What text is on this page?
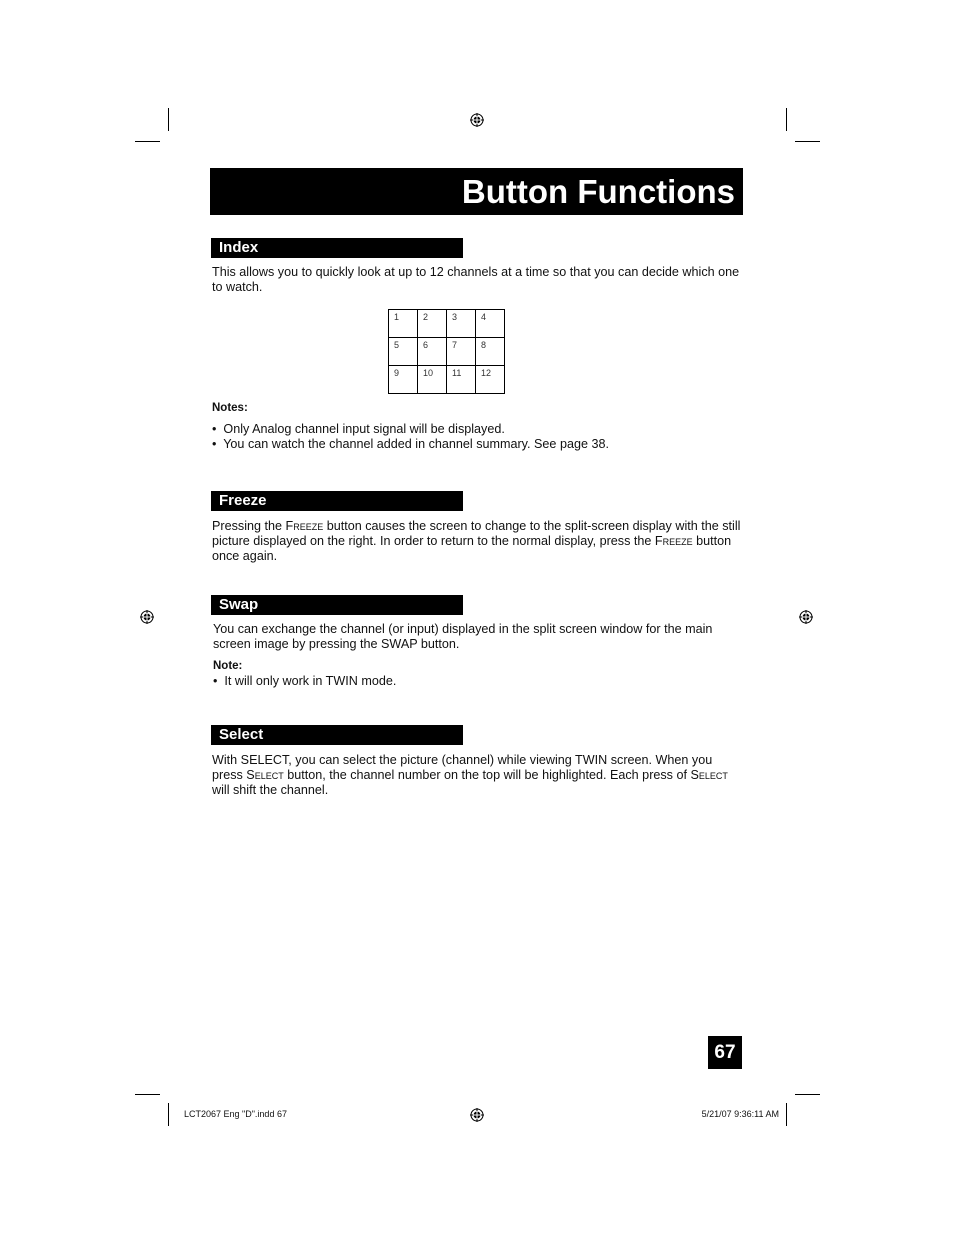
Button Functions
Index
This allows you to quickly look at up to 12 channels at a time so that you can decide which one to watch.
1	2	3	4
5	6	7	8
9	10	11	12
Notes:
•  Only Analog channel input signal will be displayed.
•  You can watch the channel added in channel summary. See page 38.
Freeze
Pressing the Freeze button causes the screen to change to the split-screen display with the still picture displayed on the right. In order to return to the normal display, press the Freeze button once again.
Swap
You can exchange the channel (or input) displayed in the split screen window for the main screen image by pressing the SWAP button.
Note:
•  It will only work in TWIN mode.
Select
With SELECT, you can select the picture (channel) while viewing TWIN screen. When you press Select button, the channel number on the top will be highlighted. Each press of Select will shift the channel.
67
LCT2067 Eng "D".indd 67	5/21/07 9:36:11 AM
